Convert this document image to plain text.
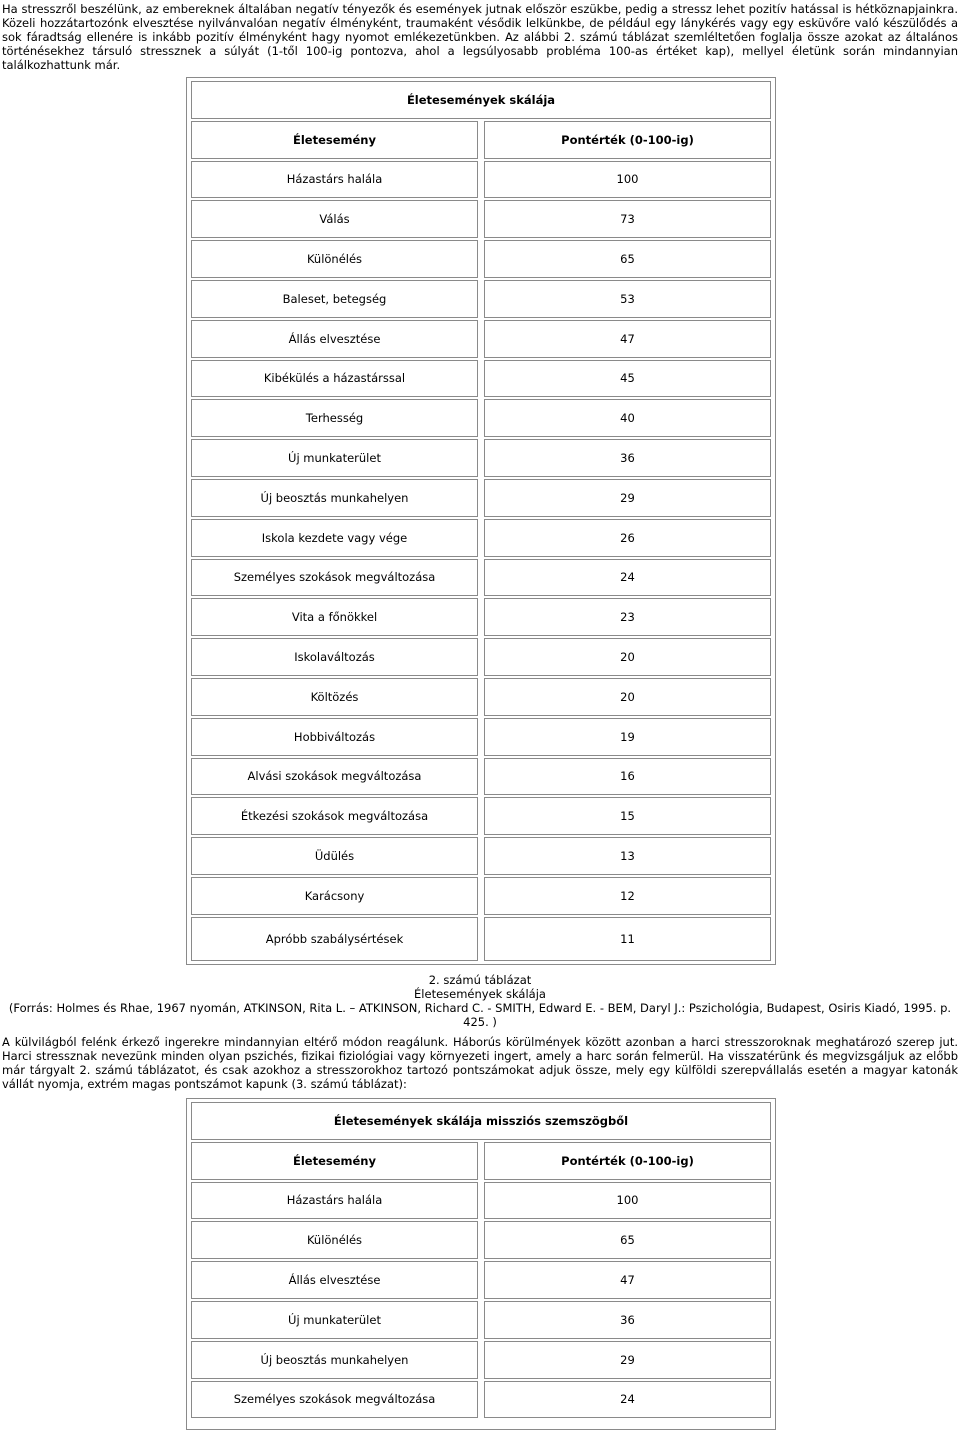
Ha stresszről beszélünk, az embereknek általában negatív tényezők és események jutnak először eszükbe, pedig a stressz lehet pozitív hatással is hétköznapjainkra. Közeli hozzátartozónk elvesztése nyilvánvalóan negatív élményként, traumaként vésődik lelkünkbe, de például egy lánykérés vagy egy esküvőre való készülődés a sok fáradtság ellenére is inkább pozitív élményként hagy nyomot emlékezetünkben. Az alábbi 2. számú táblázat szemléltetően foglalja össze azokat az általános történésekhez társuló stressznek a súlyát (1-től 100-ig pontozva, ahol a legsúlyosabb probléma 100-as értéket kap), mellyel életünk során mindannyian találkozhattunk már.
Életesemények skálája
Életesemény	Pontérték (0-100-ig)
Házastárs halála	100
Válás	73
Különélés	65
Baleset, betegség	53
Állás elvesztése	47
Kibékülés a házastárssal	45
Terhesség	40
Új munkaterület	36
Új beosztás munkahelyen	29
Iskola kezdete vagy vége	26
Személyes szokások megváltozása	24
Vita a főnökkel	23
Iskolaváltozás	20
Költözés	20
Hobbiváltozás	19
Alvási szokások megváltozása	16
Étkezési szokások megváltozása	15
Üdülés	13
Karácsony	12
Apróbb szabálysértések	11
2. számú táblázat
Életesemények skálája
(Forrás: Holmes és Rhae, 1967 nyomán, ATKINSON, Rita L. – ATKINSON, Richard C. - SMITH, Edward E. - BEM, Daryl J.: Pszichológia, Budapest, Osiris Kiadó, 1995. p.
425. )
A külvilágból felénk érkező ingerekre mindannyian eltérő módon reagálunk. Háborús körülmények között azonban a harci stresszoroknak meghatározó szerep jut. Harci stressznak nevezünk minden olyan pszichés, fizikai fiziológiai vagy környezeti ingert, amely a harc során felmerül. Ha visszatérünk és megvizsgáljuk az előbb már tárgyalt 2. számú táblázatot, és csak azokhoz a stresszorokhoz tartozó pontszámokat adjuk össze, mely egy külföldi szerepvállalás esetén a magyar katonák vállát nyomja, extrém magas pontszámot kapunk (3. számú táblázat):
Életesemények skálája missziós szemszögből
Életesemény	Pontérték (0-100-ig)
Házastárs halála	100
Különélés	65
Állás elvesztése	47
Új munkaterület	36
Új beosztás munkahelyen	29
Személyes szokások megváltozása	24
